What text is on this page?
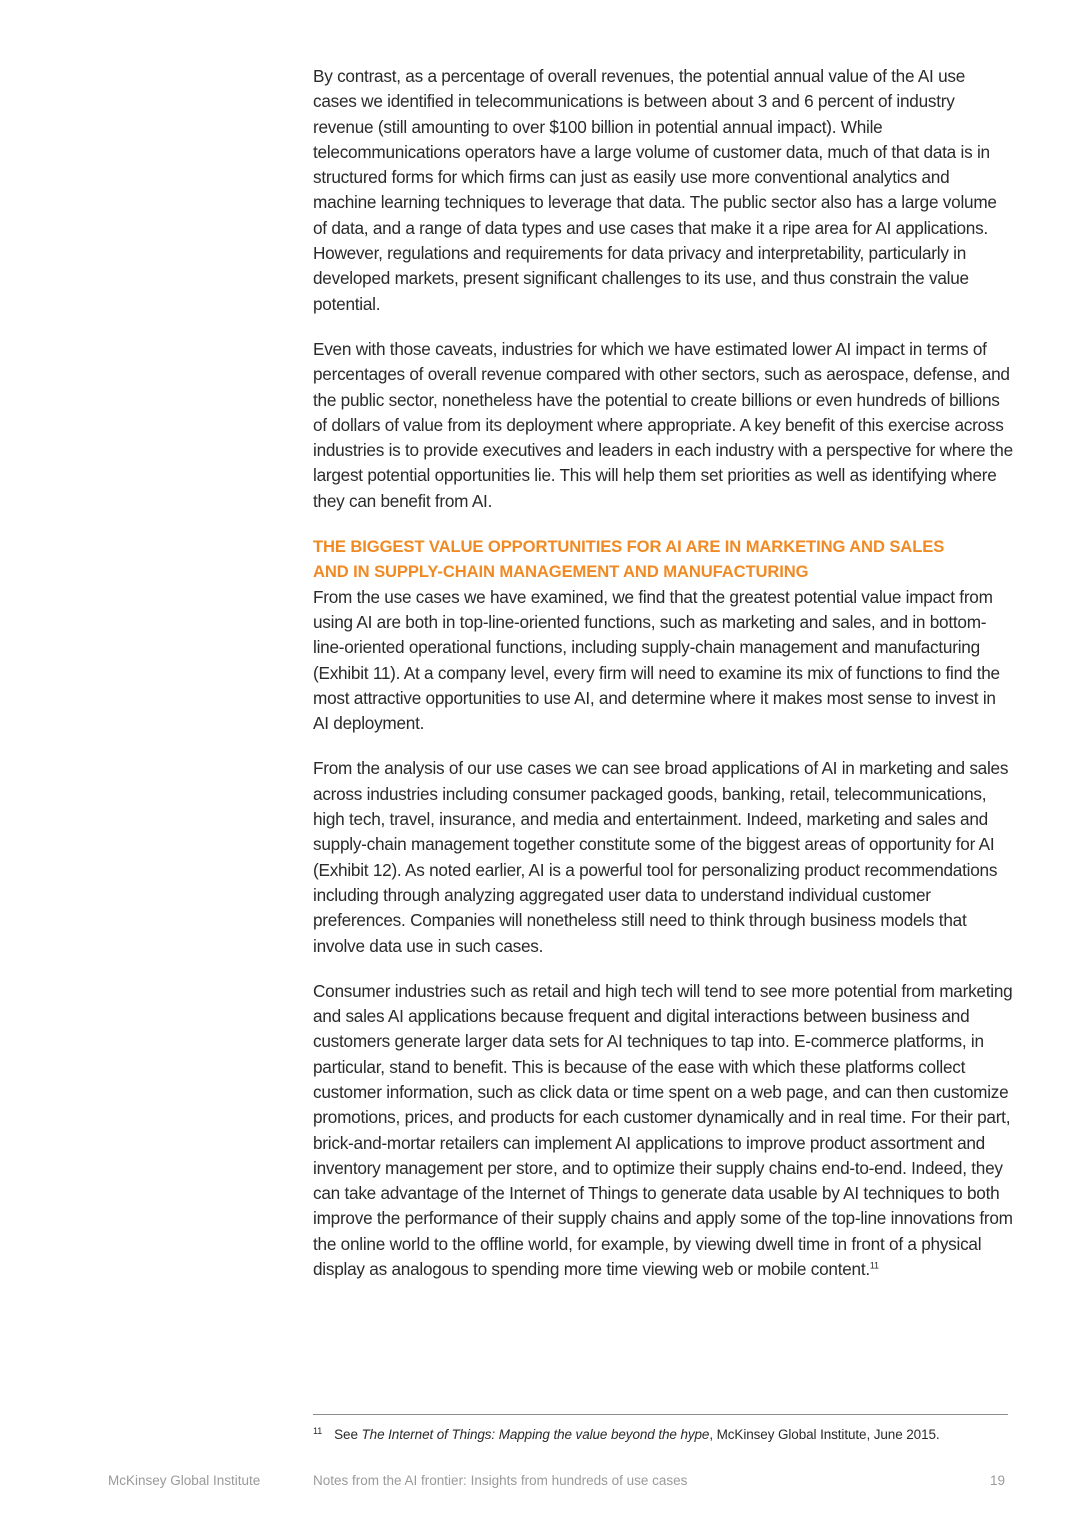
By contrast, as a percentage of overall revenues, the potential annual value of the AI use cases we identified in telecommunications is between about 3 and 6 percent of industry revenue (still amounting to over $100 billion in potential annual impact). While telecommunications operators have a large volume of customer data, much of that data is in structured forms for which firms can just as easily use more conventional analytics and machine learning techniques to leverage that data. The public sector also has a large volume of data, and a range of data types and use cases that make it a ripe area for AI applications. However, regulations and requirements for data privacy and interpretability, particularly in developed markets, present significant challenges to its use, and thus constrain the value potential.

Even with those caveats, industries for which we have estimated lower AI impact in terms of percentages of overall revenue compared with other sectors, such as aerospace, defense, and the public sector, nonetheless have the potential to create billions or even hundreds of billions of dollars of value from its deployment where appropriate. A key benefit of this exercise across industries is to provide executives and leaders in each industry with a perspective for where the largest potential opportunities lie. This will help them set priorities as well as identifying where they can benefit from AI.

THE BIGGEST VALUE OPPORTUNITIES FOR AI ARE IN MARKETING AND SALES
AND IN SUPPLY-CHAIN MANAGEMENT AND MANUFACTURING

From the use cases we have examined, we find that the greatest potential value impact from using AI are both in top-line-oriented functions, such as marketing and sales, and in bottom-line-oriented operational functions, including supply-chain management and manufacturing (Exhibit 11). At a company level, every firm will need to examine its mix of functions to find the most attractive opportunities to use AI, and determine where it makes most sense to invest in AI deployment.

From the analysis of our use cases we can see broad applications of AI in marketing and sales across industries including consumer packaged goods, banking, retail, telecommunications, high tech, travel, insurance, and media and entertainment. Indeed, marketing and sales and supply-chain management together constitute some of the biggest areas of opportunity for AI (Exhibit 12). As noted earlier, AI is a powerful tool for personalizing product recommendations including through analyzing aggregated user data to understand individual customer preferences. Companies will nonetheless still need to think through business models that involve data use in such cases.

Consumer industries such as retail and high tech will tend to see more potential from marketing and sales AI applications because frequent and digital interactions between business and customers generate larger data sets for AI techniques to tap into. E-commerce platforms, in particular, stand to benefit. This is because of the ease with which these platforms collect customer information, such as click data or time spent on a web page, and can then customize promotions, prices, and products for each customer dynamically and in real time. For their part, brick-and-mortar retailers can implement AI applications to improve product assortment and inventory management per store, and to optimize their supply chains end-to-end. Indeed, they can take advantage of the Internet of Things to generate data usable by AI techniques to both improve the performance of their supply chains and apply some of the top-line innovations from the online world to the offline world, for example, by viewing dwell time in front of a physical display as analogous to spending more time viewing web or mobile content.$^{11}$

$^{11}$ See The Internet of Things: Mapping the value beyond the hype, McKinsey Global Institute, June 2015.
McKinsey Global Institute	Notes from the AI frontier: Insights from hundreds of use cases	19
